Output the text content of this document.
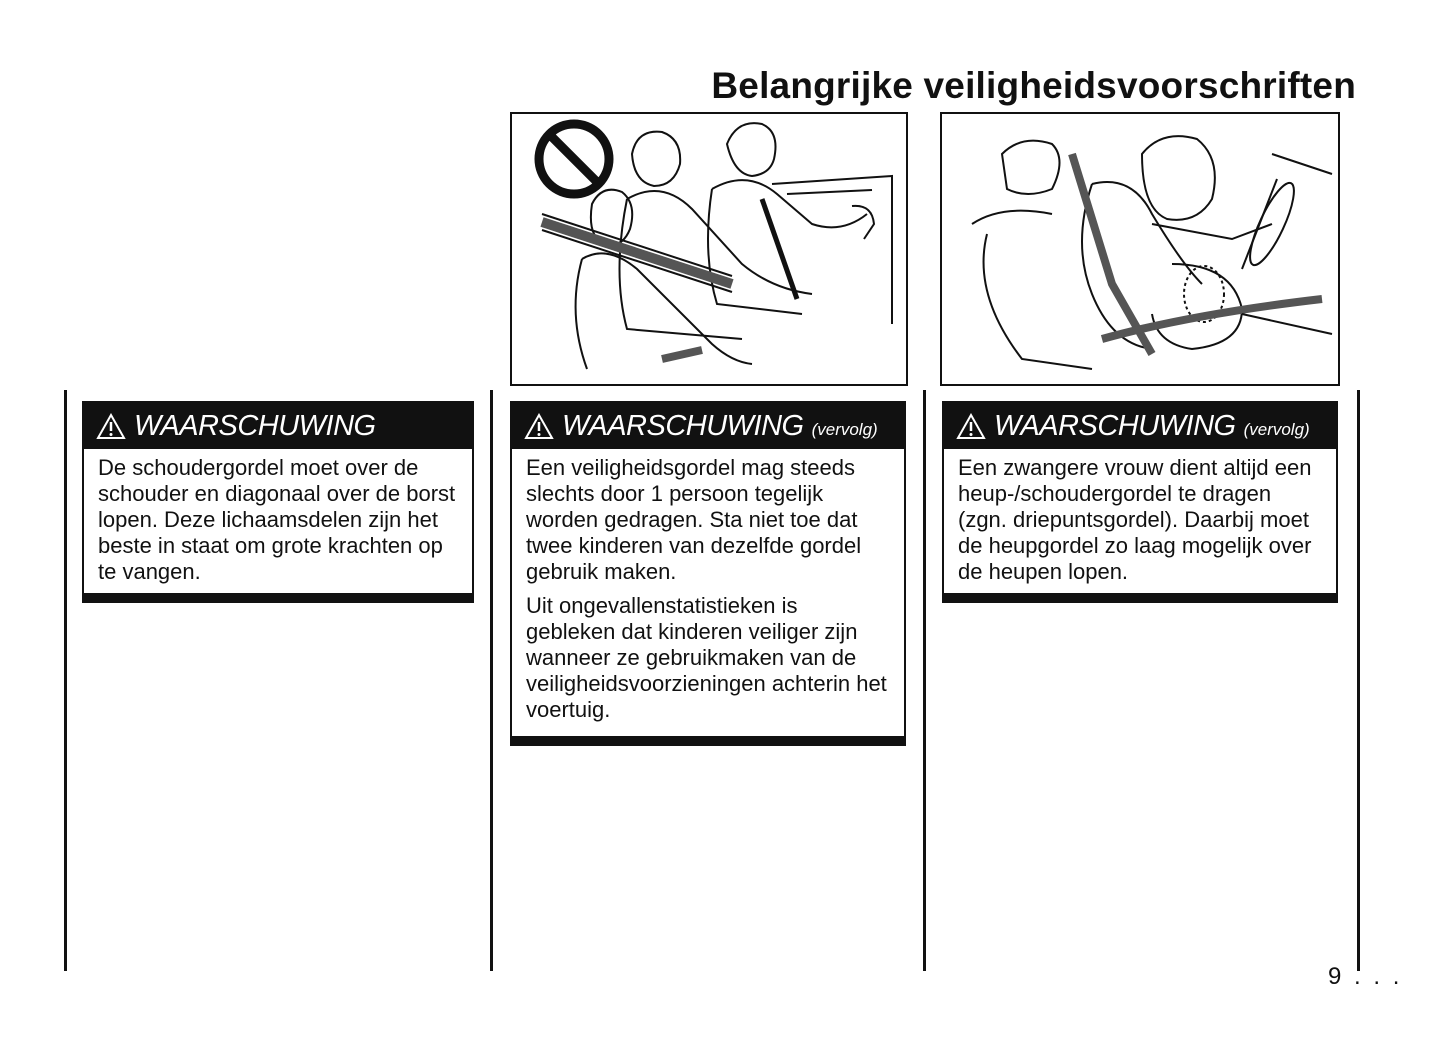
Belangrijke veiligheidsvoorschriften
WAARSCHUWING

De schoudergordel moet over de schouder en diagonaal over de borst lopen. Deze lichaamsdelen zijn het beste in staat om grote krachten op te vangen.

WAARSCHUWING (vervolg)

Een veiligheidsgordel mag steeds slechts door 1 persoon tegelijk worden gedragen. Sta niet toe dat twee kinderen van dezelfde gordel gebruik maken.

Uit ongevallenstatistieken is gebleken dat kinderen veiliger zijn wanneer ze gebruikmaken van de veiligheidsvoorzieningen achterin het voertuig.

WAARSCHUWING (vervolg)

Een zwangere vrouw dient altijd een heup-/schoudergordel te dragen (zgn. driepuntsgordel). Daarbij moet de heupgordel zo laag mogelijk over de heupen lopen.

9 . . .
